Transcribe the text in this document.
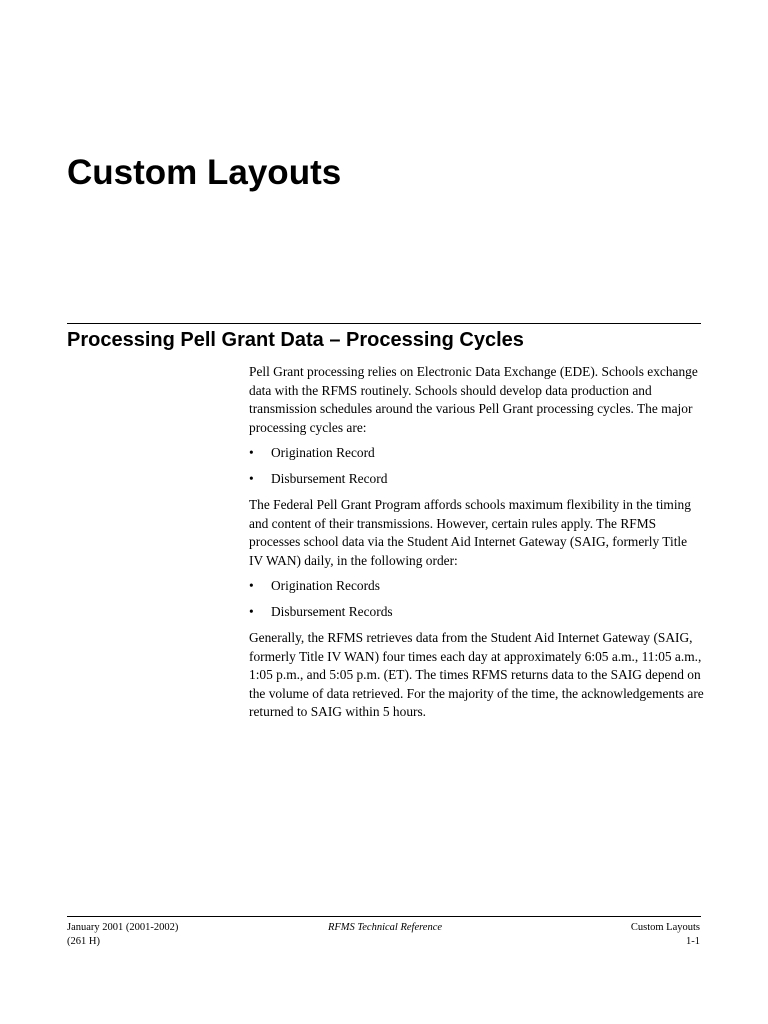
Custom Layouts
Processing Pell Grant Data – Processing Cycles

Pell Grant processing relies on Electronic Data Exchange (EDE). Schools exchange data with the RFMS routinely. Schools should develop data production and transmission schedules around the various Pell Grant processing cycles. The major processing cycles are:

• Origination Record
• Disbursement Record

The Federal Pell Grant Program affords schools maximum flexibility in the timing and content of their transmissions. However, certain rules apply. The RFMS processes school data via the Student Aid Internet Gateway (SAIG, formerly Title IV WAN) daily, in the following order:

• Origination Records
• Disbursement Records

Generally, the RFMS retrieves data from the Student Aid Internet Gateway (SAIG, formerly Title IV WAN) four times each day at approximately 6:05 a.m., 11:05 a.m., 1:05 p.m., and 5:05 p.m. (ET). The times RFMS returns data to the SAIG depend on the volume of data retrieved. For the majority of the time, the acknowledgements are returned to SAIG within 5 hours.

January 2001 (2001-2002)
(261 H)
RFMS Technical Reference	Custom Layouts
1-1
